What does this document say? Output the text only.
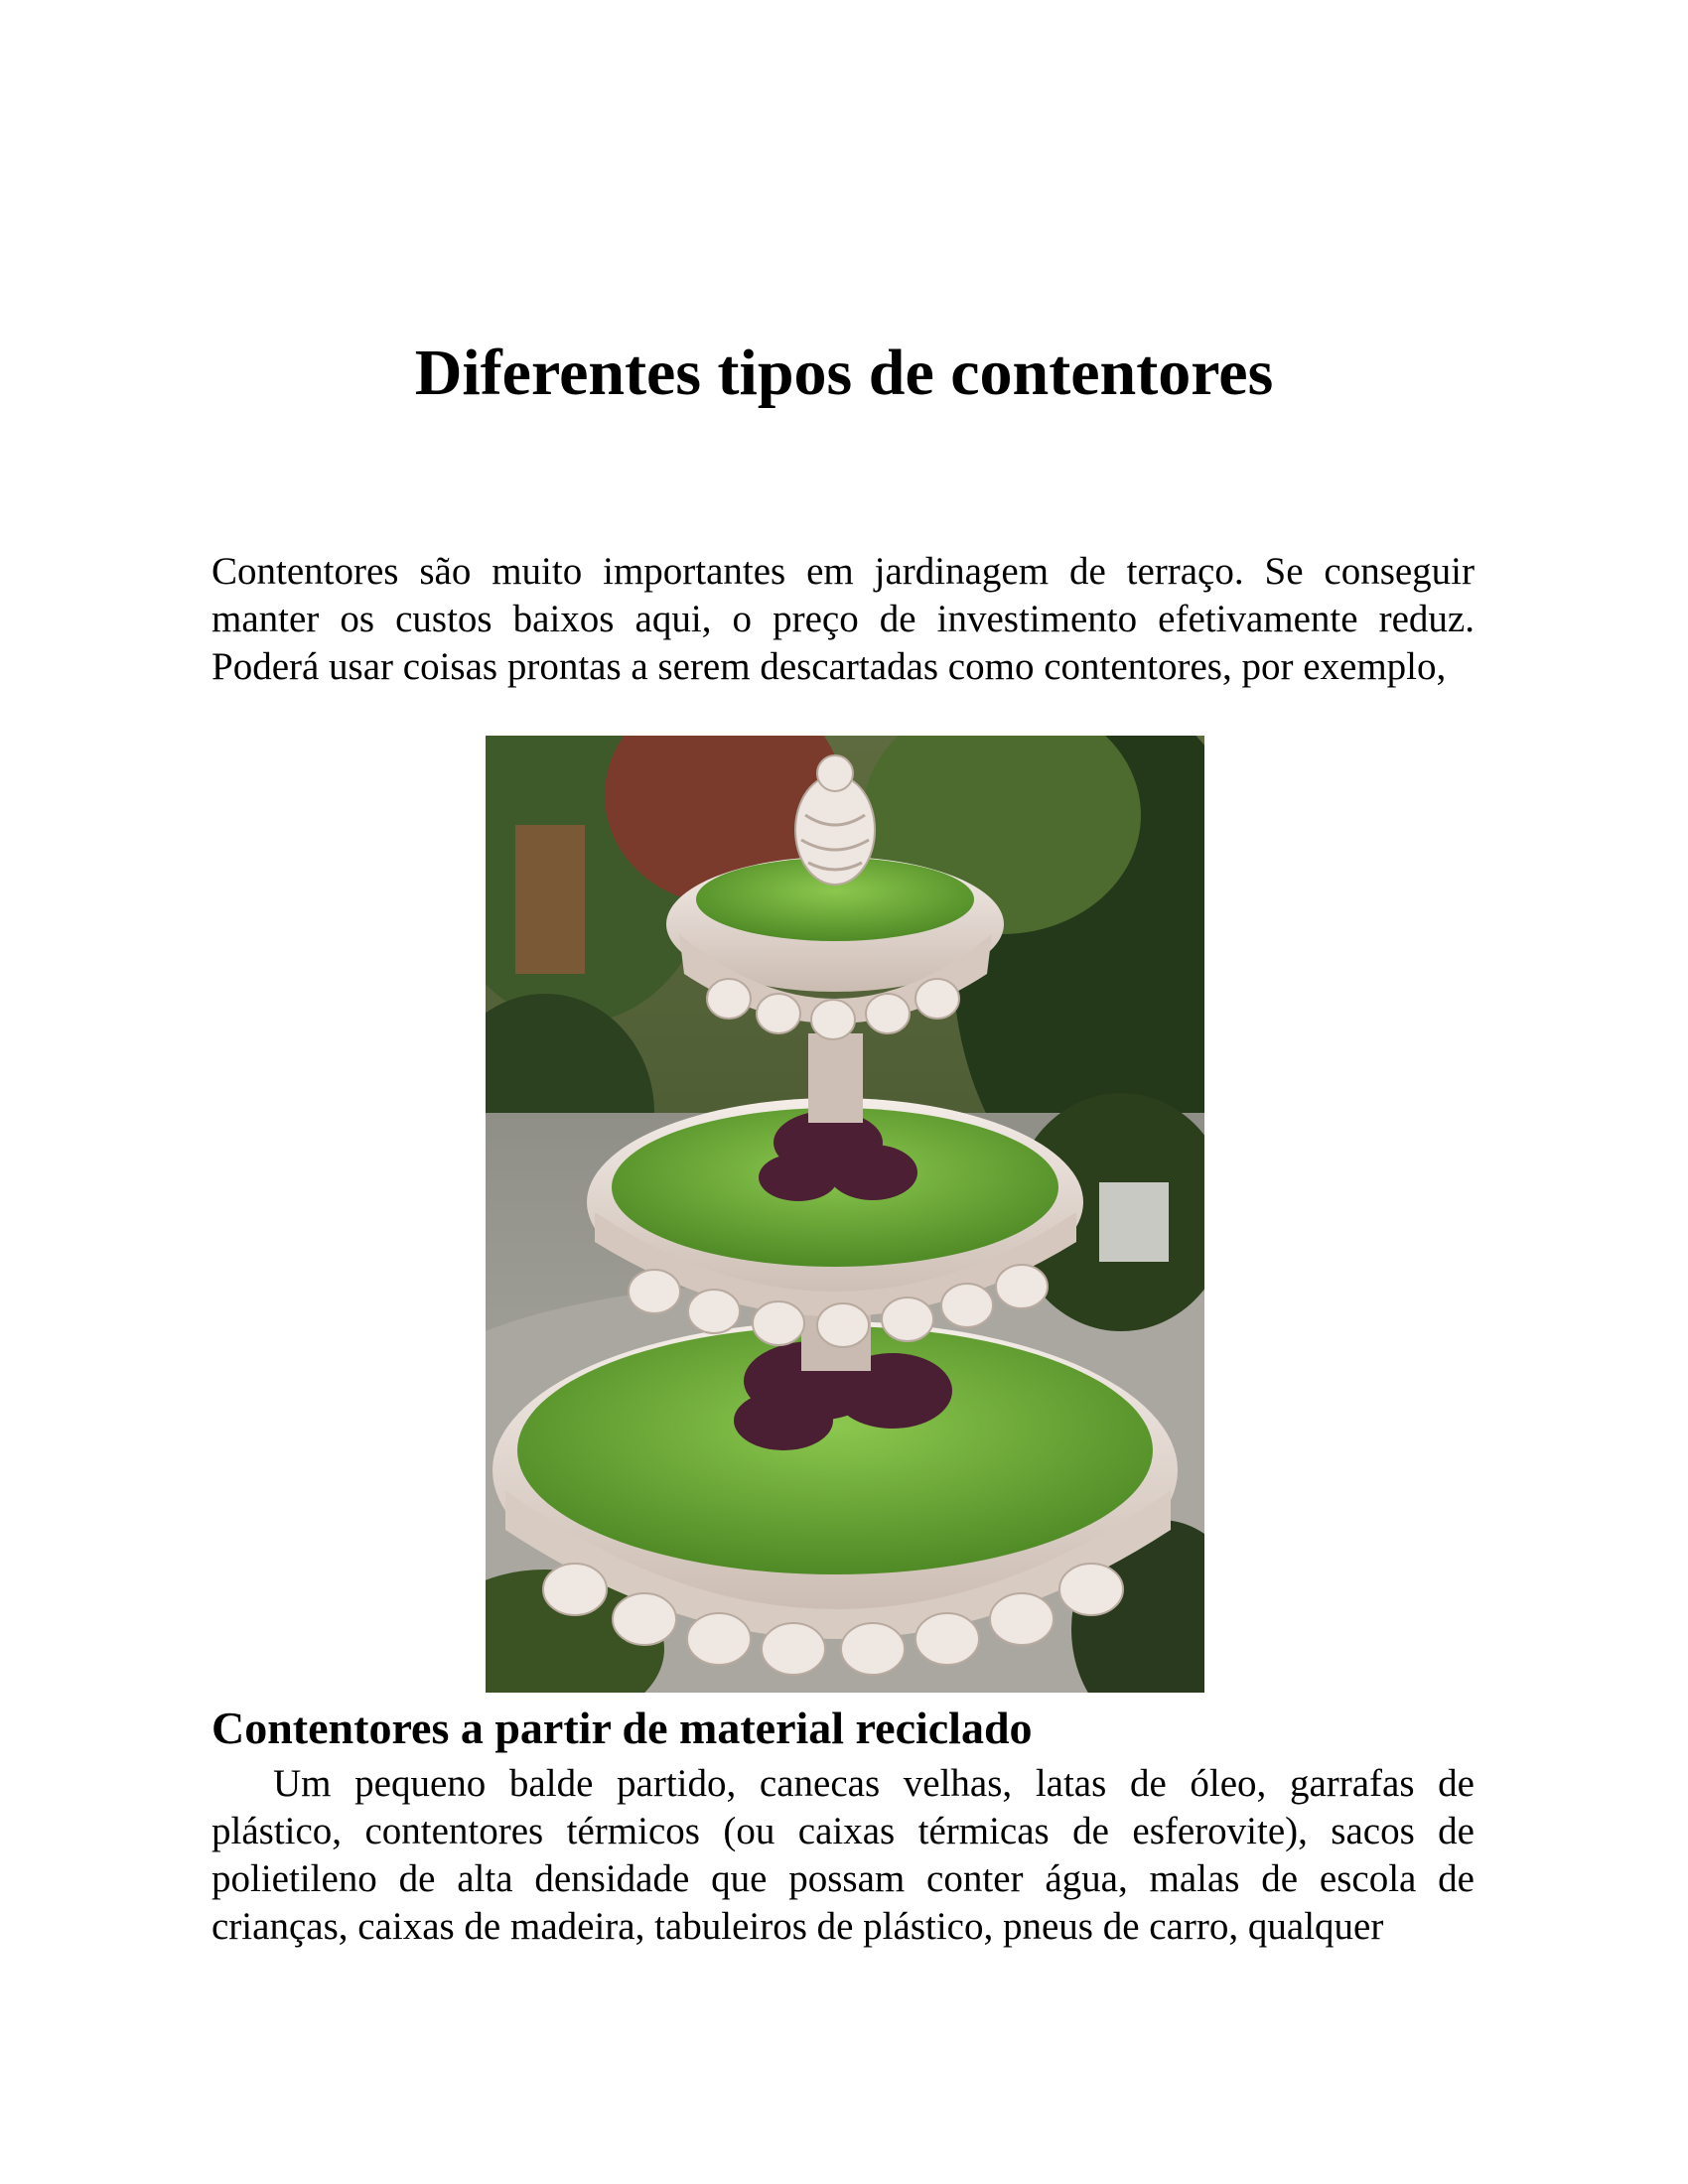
Diferentes tipos de contentores

Contentores são muito importantes em jardinagem de terraço. Se conseguir manter os custos baixos aqui, o preço de investimento efetivamente reduz. Poderá usar coisas prontas a serem descartadas como contentores, por exemplo,

Contentores a partir de material reciclado

Um pequeno balde partido, canecas velhas, latas de óleo, garrafas de plástico, contentores térmicos (ou caixas térmicas de esferovite), sacos de polietileno de alta densidade que possam conter água, malas de escola de crianças, caixas de madeira, tabuleiros de plástico, pneus de carro, qualquer
